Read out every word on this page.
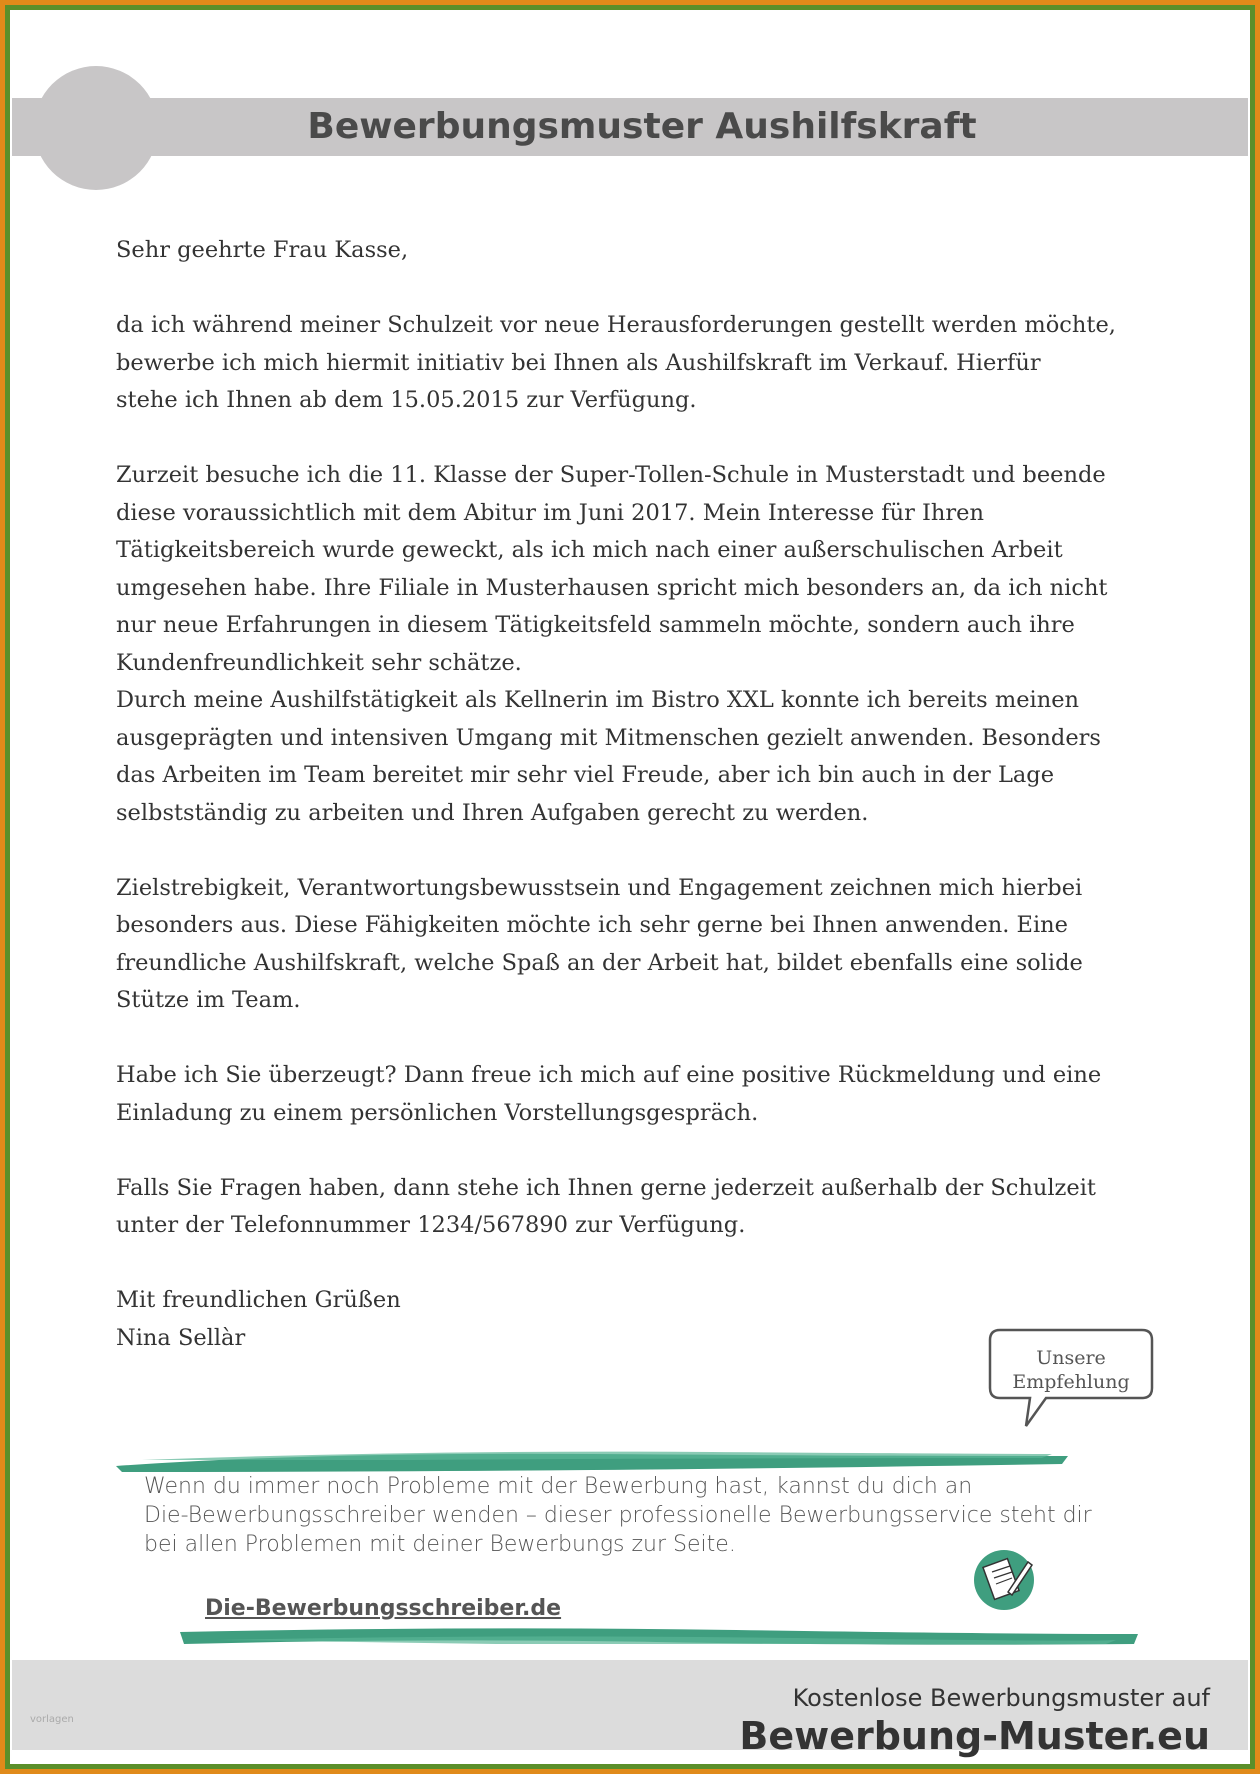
Bewerbungsmuster Aushilfskraft

Sehr geehrte Frau Kasse,

da ich während meiner Schulzeit vor neue Herausforderungen gestellt werden möchte,

bewerbe ich mich hiermit initiativ bei Ihnen als Aushilfskraft im Verkauf. Hierfür

stehe ich Ihnen ab dem 15.05.2015 zur Verfügung.

Zurzeit besuche ich die 11. Klasse der Super-Tollen-Schule in Musterstadt und beende

diese voraussichtlich mit dem Abitur im Juni 2017. Mein Interesse für Ihren

Tätigkeitsbereich wurde geweckt, als ich mich nach einer außerschulischen Arbeit

umgesehen habe. Ihre Filiale in Musterhausen spricht mich besonders an, da ich nicht

nur neue Erfahrungen in diesem Tätigkeitsfeld sammeln möchte, sondern auch ihre

Kundenfreundlichkeit sehr schätze.

Durch meine Aushilfstätigkeit als Kellnerin im Bistro XXL konnte ich bereits meinen

ausgeprägten und intensiven Umgang mit Mitmenschen gezielt anwenden. Besonders

das Arbeiten im Team bereitet mir sehr viel Freude, aber ich bin auch in der Lage

selbstständig zu arbeiten und Ihren Aufgaben gerecht zu werden.

Zielstrebigkeit, Verantwortungsbewusstsein und Engagement zeichnen mich hierbei

besonders aus. Diese Fähigkeiten möchte ich sehr gerne bei Ihnen anwenden. Eine

freundliche Aushilfskraft, welche Spaß an der Arbeit hat, bildet ebenfalls eine solide

Stütze im Team.

Habe ich Sie überzeugt? Dann freue ich mich auf eine positive Rückmeldung und eine

Einladung zu einem persönlichen Vorstellungsgespräch.

Falls Sie Fragen haben, dann stehe ich Ihnen gerne jederzeit außerhalb der Schulzeit

unter der Telefonnummer 1234/567890 zur Verfügung.

Mit freundlichen Grüßen

Nina Sellàr

Unsere
Empfehlung

Wenn du immer noch Probleme mit der Bewerbung hast, kannst du dich an

Die-Bewerbungsschreiber wenden – dieser professionelle Bewerbungsservice steht dir

bei allen Problemen mit deiner Bewerbungs zur Seite.

Die-Bewerbungsschreiber.de
Kostenlose Bewerbungsmuster auf
Bewerbung-Muster.eu
vorlagen
